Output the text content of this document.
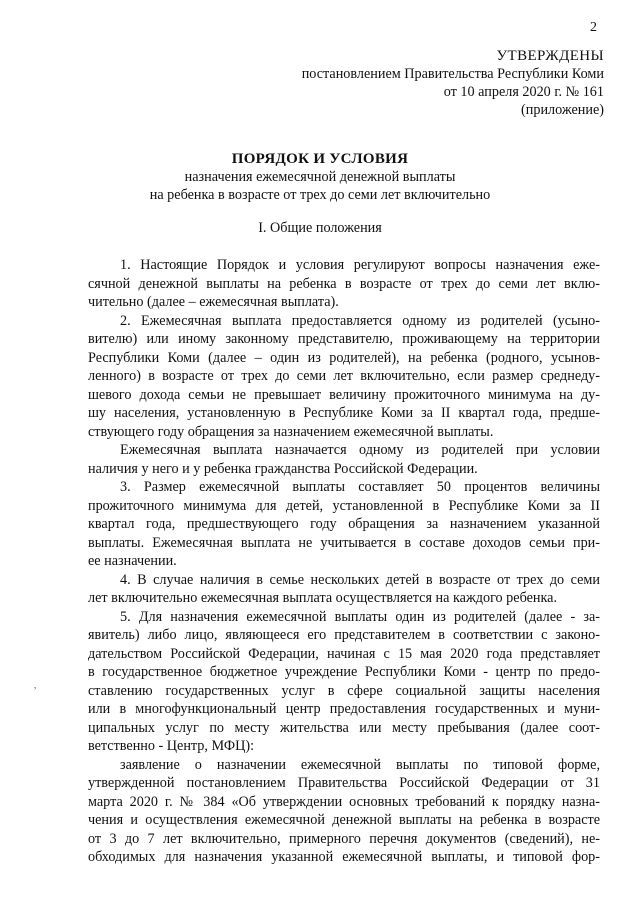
2
УТВЕРЖДЕНЫ
постановлением Правительства Республики Коми
от 10 апреля 2020 г. № 161
(приложение)
ПОРЯДОК И УСЛОВИЯ
назначения ежемесячной денежной выплаты
на ребенка в возрасте от трех до семи лет включительно
I. Общие положения
1. Настоящие Порядок и условия регулируют вопросы назначения еже-
сячной денежной выплаты на ребенка в возрасте от трех до семи лет вклю-
чительно (далее – ежемесячная выплата).
2. Ежемесячная выплата предоставляется одному из родителей (усыно-
вителю) или иному законному представителю, проживающему на территории
Республики Коми (далее – один из родителей), на ребенка (родного, усынов-
ленного) в возрасте от трех до семи лет включительно, если размер среднеду-
шевого дохода семьи не превышает величину прожиточного минимума на ду-
шу населения, установленную в Республике Коми за II квартал года, предше-
ствующего году обращения за назначением ежемесячной выплаты.
Ежемесячная выплата назначается одному из родителей при условии
наличия у него и у ребенка гражданства Российской Федерации.
3. Размер ежемесячной выплаты составляет 50 процентов величины
прожиточного минимума для детей, установленной в Республике Коми за II
квартал года, предшествующего году обращения за назначением указанной
выплаты. Ежемесячная выплата не учитывается в составе доходов семьи при-
ее назначении.
4. В случае наличия в семье нескольких детей в возрасте от трех до семи
лет включительно ежемесячная выплата осуществляется на каждого ребенка.
5. Для назначения ежемесячной выплаты один из родителей (далее - за-
явитель) либо лицо, являющееся его представителем в соответствии с законо-
дательством Российской Федерации, начиная с 15 мая 2020 года представляет
в государственное бюджетное учреждение Республики Коми - центр по предо-
ставлению государственных услуг в сфере социальной защиты населения
или в многофункциональный центр предоставления государственных и муни-
ципальных услуг по месту жительства или месту пребывания (далее соот-
ветственно - Центр, МФЦ):
заявление о назначении ежемесячной выплаты по типовой форме,
утвержденной постановлением Правительства Российской Федерации от 31
марта 2020 г. № 384 «Об утверждении основных требований к порядку назна-
чения и осуществления ежемесячной денежной выплаты на ребенка в возрасте
от 3 до 7 лет включительно, примерного перечня документов (сведений), не-
обходимых для назначения указанной ежемесячной выплаты, и типовой фор-
,
